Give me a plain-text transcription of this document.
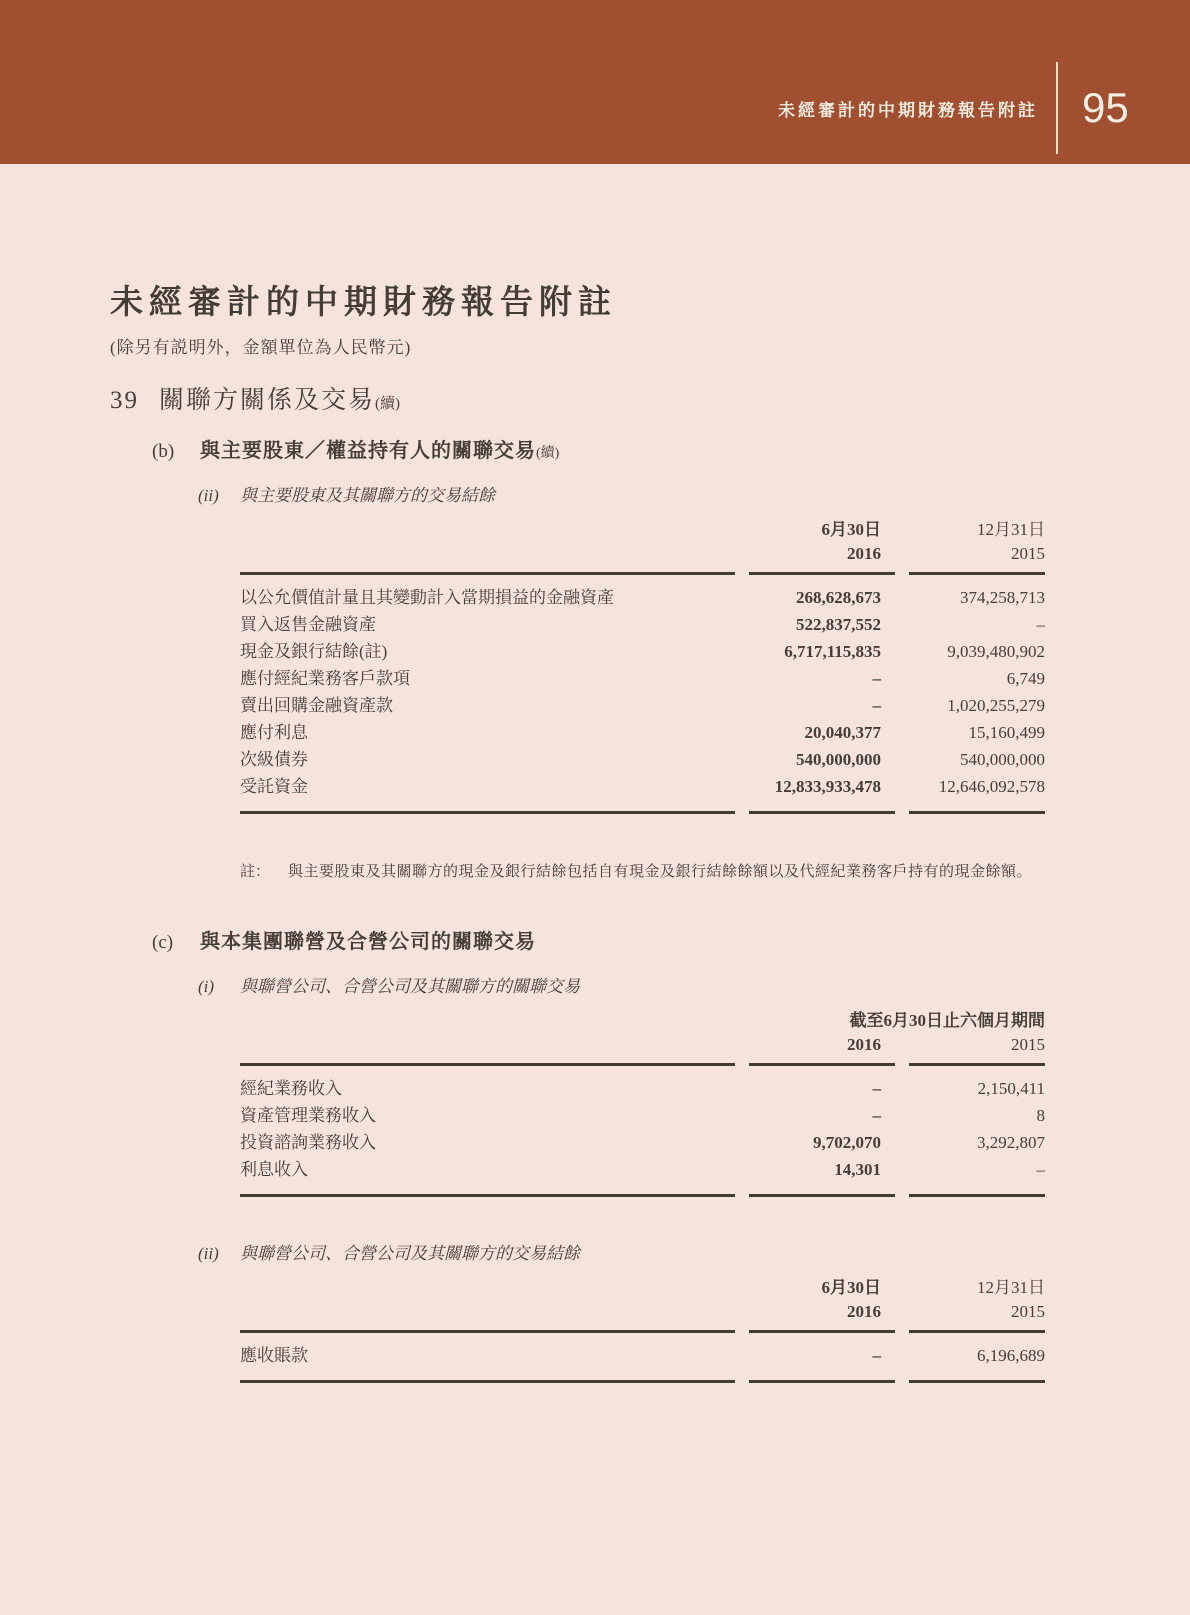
未經審計的中期財務報告附註 95
未經審計的中期財務報告附註
(除另有説明外，金額單位為人民幣元)
39 關聯方關係及交易(續)
(b) 與主要股東／權益持有人的關聯交易(續)
(ii) 與主要股東及其關聯方的交易結餘
6月30日	12月31日
2016	2015
以公允價值計量且其變動計入當期損益的金融資產	268,628,673	374,258,713
買入返售金融資產	522,837,552	–
現金及銀行結餘(註)	6,717,115,835	9,039,480,902
應付經紀業務客戶款項	–	6,749
賣出回購金融資產款	–	1,020,255,279
應付利息	20,040,377	15,160,499
次級債券	540,000,000	540,000,000
受託資金	12,833,933,478	12,646,092,578
註：	與主要股東及其關聯方的現金及銀行結餘包括自有現金及銀行結餘餘額以及代經紀業務客戶持有的現金餘額。
(c) 與本集團聯營及合營公司的關聯交易
(i) 與聯營公司、合營公司及其關聯方的關聯交易
截至6月30日止六個月期間
2016	2015
經紀業務收入	–	2,150,411
資產管理業務收入	–	8
投資諮詢業務收入	9,702,070	3,292,807
利息收入	14,301	–
(ii) 與聯營公司、合營公司及其關聯方的交易結餘
6月30日	12月31日
2016	2015
應收賬款	–	6,196,689
